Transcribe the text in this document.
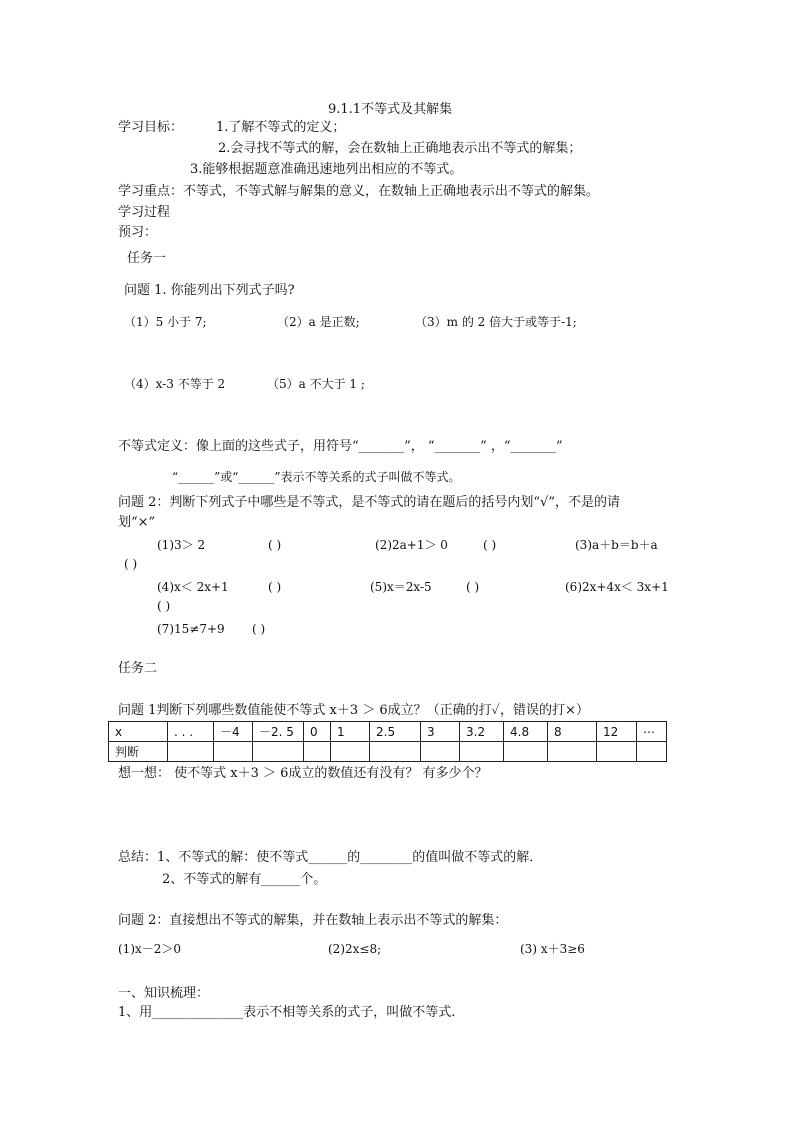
9.1.1不等式及其解集
学习目标：	1.了解不等式的定义；
2.会寻找不等式的解，会在数轴上正确地表示出不等式的解集；
3.能够根据题意准确迅速地列出相应的不等式。
学习重点：不等式，不等式解与解集的意义，在数轴上正确地表示出不等式的解集。
学习过程
预习：
任务一
问题 1. 你能列出下列式子吗?
（1）5 小于 7;	（2）a 是正数;	（3）m 的 2 倍大于或等于-1;
（4）x-3 不等于 2	（5）a 不大于 1 ;
不等式定义：像上面的这些式子，用符号“_______”， “_______” ，“_______”
“______”或“______”表示不等关系的式子叫做不等式。
问题 2：判断下列式子中哪些是不等式，是不等式的请在题后的括号内划“√”，不是的请
划“×”
(1)3＞ 2	( )	(2)2a+1＞ 0	( )	(3)a＋b＝b＋a
( )
(4)x＜ 2x+1	( )	(5)x＝2x-5	( )	(6)2x+4x＜ 3x+1
( )
(7)15≠7+9 ( )
任务二
问题 1判断下列哪些数值能使不等式 x＋3 ＞ 6成立？（正确的打✓，错误的打×）
x	. . .	－4	－2. 5	0	1	2.5	3	3.2	4.8	8	12	⋯
判断												
想一想： 使不等式 x＋3 ＞ 6成立的数值还有没有？ 有多少个？
总结：1、不等式的解：使不等式______的________的值叫做不等式的解．
2、不等式的解有______个。
问题 2：直接想出不等式的解集，并在数轴上表示出不等式的解集：
(1)x－2＞0	(2)2x≤8;	(3) x＋3≥6
一、知识梳理：
1、用______________表示不相等关系的式子，叫做不等式.
